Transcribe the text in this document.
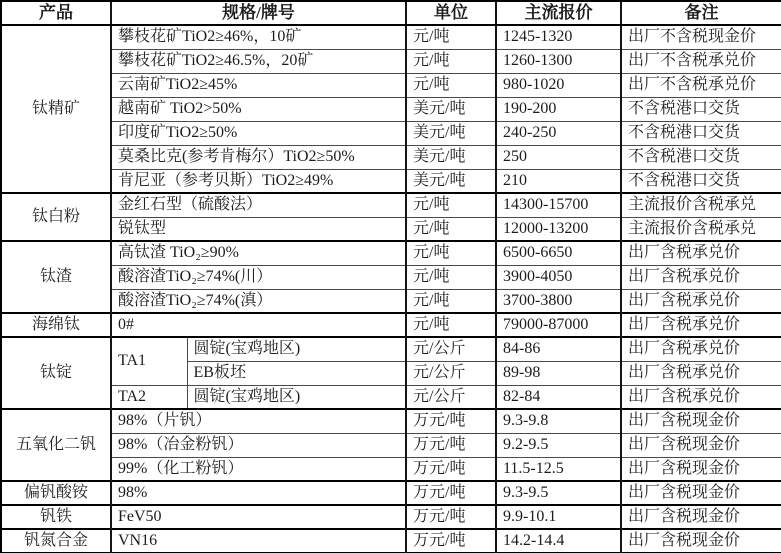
产品	规格/牌号		单位	主流报价	备注
钛精矿	攀枝花矿TiO2≥46%，10矿		元/吨	1245-1320	出厂不含税现金价
	攀枝花矿TiO2≥46.5%，20矿		元/吨	1260-1300	出厂不含税承兑价
	云南矿TiO2≥45%		元/吨	980-1020	出厂不含税承兑价
	越南矿 TiO2>50%		美元/吨	190-200	不含税港口交货
	印度矿TiO2≥50%		美元/吨	240-250	不含税港口交货
	莫桑比克(参考肯梅尔）TiO2≥50%		美元/吨	250	不含税港口交货
	肯尼亚（参考贝斯）TiO2≥49%		美元/吨	210	不含税港口交货
钛白粉	金红石型（硫酸法）		元/吨	14300-15700	主流报价含税承兑
	锐钛型		元/吨	12000-13200	主流报价含税承兑
钛渣	高钛渣 TiO₂≥90%		元/吨	6500-6650	出厂含税承兑价
	酸溶渣TiO₂≥74%(川）		元/吨	3900-4050	出厂含税承兑价
	酸溶渣TiO₂≥74%(滇）		元/吨	3700-3800	出厂含税承兑价
海绵钛	0#		元/吨	79000-87000	出厂含税承兑价
钛锭	TA1	圆锭(宝鸡地区)	元/公斤	84-86	出厂含税承兑价
		EB板坯	元/公斤	89-98	出厂含税承兑价
	TA2	圆锭(宝鸡地区)	元/公斤	82-84	出厂含税承兑价
五氧化二钒	98%（片钒）		万元/吨	9.3-9.8	出厂含税现金价
	98%（冶金粉钒）		万元/吨	9.2-9.5	出厂含税现金价
	99%（化工粉钒）		万元/吨	11.5-12.5	出厂含税现金价
偏钒酸铵	98%		万元/吨	9.3-9.5	出厂含税现金价
钒铁	FeV50		万元/吨	9.9-10.1	出厂含税现金价
钒氮合金	VN16		万元/吨	14.2-14.4	出厂含税现金价
